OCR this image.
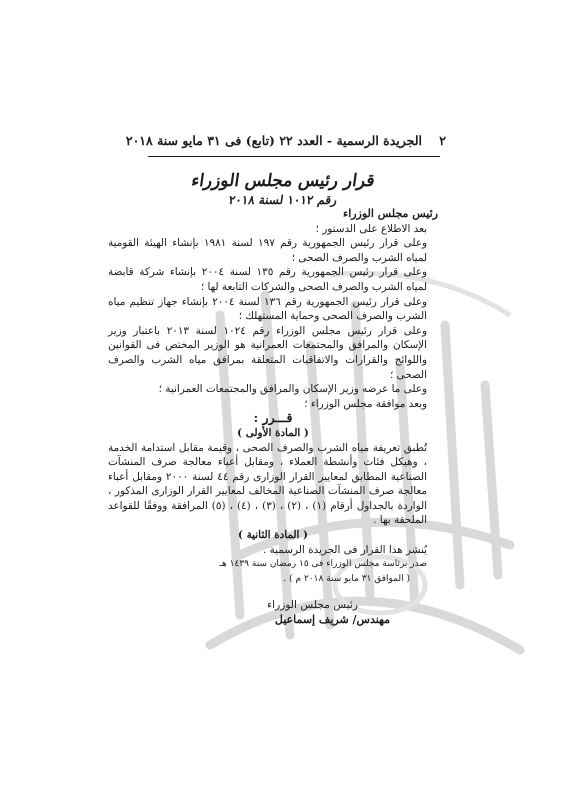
٢
الجريدة الرسمية - العدد ٢٢ (تابع) فى ٣١ مايو سنة ٢٠١٨
قرار رئيس مجلس الوزراء
رقم ١٠١٢ لسنة ٢٠١٨

رئيس مجلس الوزراء

بعد الاطلاع على الدستور ؛

وعلى قرار رئيس الجمهورية رقم ١٩٧ لسنة ١٩٨١ بإنشاء الهيئة القومية لمياه الشرب والصرف الصحى ؛

وعلى قرار رئيس الجمهورية رقم ١٣٥ لسنة ٢٠٠٤ بإنشاء شركة قابضة لمياه الشرب والصرف الصحى والشركات التابعة لها ؛

وعلى قرار رئيس الجمهورية رقم ١٣٦ لسنة ٢٠٠٤ بإنشاء جهاز تنظيم مياه الشرب والصرف الصحى وحماية المستهلك ؛

وعلى قرار رئيس مجلس الوزراء رقم ١٠٢٤ لسنة ٢٠١٣ باعتبار وزير الإسكان والمرافق والمجتمعات العمرانية هو الوزير المختص فى القوانين واللوائح والقرارات والاتفاقيات المتعلقة بمرافق مياه الشرب والصرف الصحى ؛

وعلى ما عرضه وزير الإسكان والمرافق والمجتمعات العمرانية ؛

وبعد موافقة مجلس الوزراء ؛

قـــرر :

( المادة الأولى )

تُطبق تعريفة مياه الشرب والصرف الصحى ، وقيمة مقابل استدامة الخدمة ، وهيكل فئات وأنشطة العملاء ، ومقابل أعباء معالجة صرف المنشآت الصناعية المطابق لمعايير القرار الوزارى رقم ٤٤ لسنة ٢٠٠٠ ومقابل أعباء معالجة صرف المنشآت الصناعية المخالف لمعايير القرار الوزارى المذكور ، الواردة بالجداول أرقام (١) ، (٢) ، (٣) ، (٤) ، (٥) المرافقة ووفقًا للقواعد الملحقة بها .

( المادة الثانية )

يُنشر هذا القرار فى الجريدة الرسمية .

صدر برئاسة مجلس الوزراء فى ١٥ رمضان سنة ١٤٣٩ هـ

( الموافق ٣١ مايو سنة ٢٠١٨ م ) .

رئيس مجلس الوزراء

مهندس/ شريف إسماعيل
